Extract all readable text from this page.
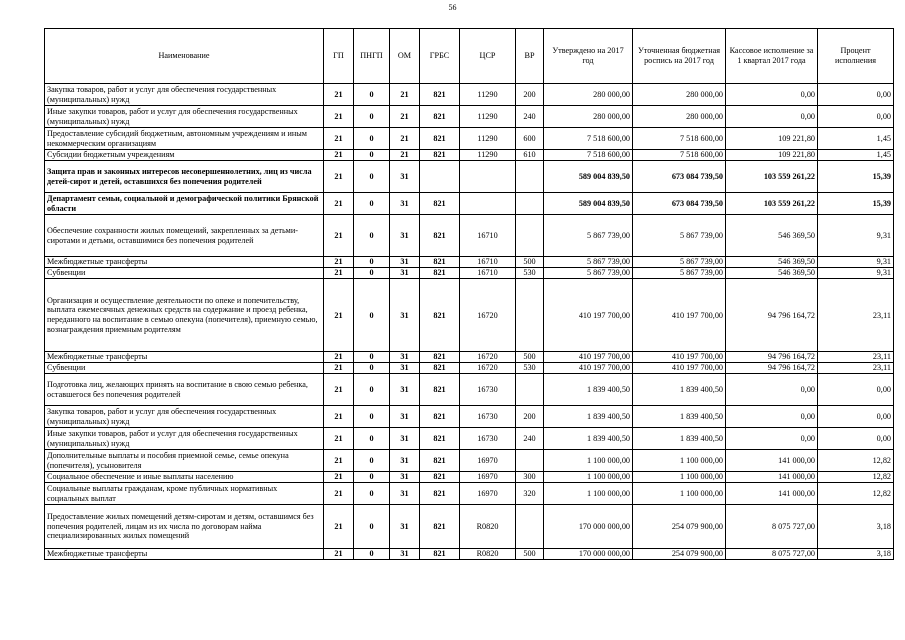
56
Наименование	ГП	ПНГП	ОМ	ГРБС	ЦСР	ВР	Утверждено на 2017 год	Уточненная бюджетная роспись на 2017 год	Кассовое исполнение за 1 квартал 2017 года	Процент исполнения
Закупка товаров, работ и услуг для обеспечения государственных (муниципальных) нужд	21	0	21	821	11290	200	280 000,00	280 000,00	0,00	0,00
Иные закупки товаров, работ и услуг для обеспечения государственных (муниципальных) нужд	21	0	21	821	11290	240	280 000,00	280 000,00	0,00	0,00
Предоставление субсидий бюджетным, автономным учреждениям и иным некоммерческим организациям	21	0	21	821	11290	600	7 518 600,00	7 518 600,00	109 221,80	1,45
Субсидии бюджетным учреждениям	21	0	21	821	11290	610	7 518 600,00	7 518 600,00	109 221,80	1,45
Защита прав и законных интересов несовершеннолетних, лиц из числа детей-сирот и детей, оставшихся без попечения родителей	21	0	31				589 004 839,50	673 084 739,50	103 559 261,22	15,39
Департамент семьи, социальной и демографической политики Брянской области	21	0	31	821			589 004 839,50	673 084 739,50	103 559 261,22	15,39
Обеспечение сохранности жилых помещений, закрепленных за детьми-сиротами и детьми, оставшимися без попечения родителей	21	0	31	821	16710		5 867 739,00	5 867 739,00	546 369,50	9,31
Межбюджетные трансферты	21	0	31	821	16710	500	5 867 739,00	5 867 739,00	546 369,50	9,31
Субвенции	21	0	31	821	16710	530	5 867 739,00	5 867 739,00	546 369,50	9,31
Организация и осуществление деятельности по опеке и попечительству, выплата ежемесячных денежных средств на содержание и проезд ребенка, переданного на воспитание в семью опекуна (попечителя), приемную семью, вознаграждения приемным родителям	21	0	31	821	16720		410 197 700,00	410 197 700,00	94 796 164,72	23,11
Межбюджетные трансферты	21	0	31	821	16720	500	410 197 700,00	410 197 700,00	94 796 164,72	23,11
Субвенции	21	0	31	821	16720	530	410 197 700,00	410 197 700,00	94 796 164,72	23,11
Подготовка лиц, желающих принять на воспитание в свою семью ребенка, оставшегося без попечения родителей	21	0	31	821	16730		1 839 400,50	1 839 400,50	0,00	0,00
Закупка товаров, работ и услуг для обеспечения государственных (муниципальных) нужд	21	0	31	821	16730	200	1 839 400,50	1 839 400,50	0,00	0,00
Иные закупки товаров, работ и услуг для обеспечения государственных (муниципальных) нужд	21	0	31	821	16730	240	1 839 400,50	1 839 400,50	0,00	0,00
Дополнительные выплаты и пособия приемной семье, семье опекуна (попечителя), усыновителя	21	0	31	821	16970		1 100 000,00	1 100 000,00	141 000,00	12,82
Социальное обеспечение и иные выплаты населению	21	0	31	821	16970	300	1 100 000,00	1 100 000,00	141 000,00	12,82
Социальные выплаты гражданам, кроме публичных нормативных социальных выплат	21	0	31	821	16970	320	1 100 000,00	1 100 000,00	141 000,00	12,82
Предоставление жилых помещений детям-сиротам и детям, оставшимся без попечения родителей, лицам из их числа по договорам найма специализированных жилых помещений	21	0	31	821	R0820		170 000 000,00	254 079 900,00	8 075 727,00	3,18
Межбюджетные трансферты	21	0	31	821	R0820	500	170 000 000,00	254 079 900,00	8 075 727,00	3,18
